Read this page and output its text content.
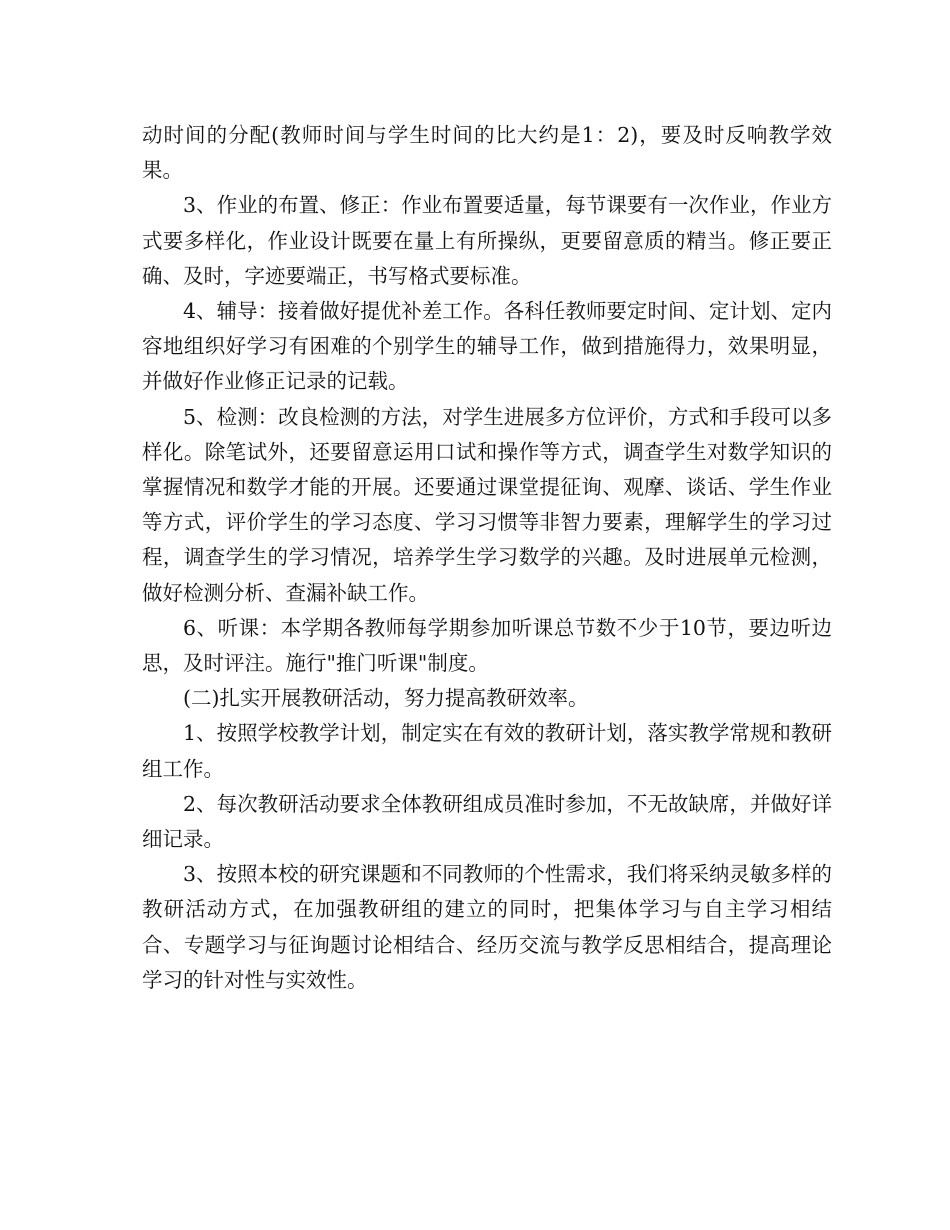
动时间的分配(教师时间与学生时间的比大约是1：2)，要及时反响教学效果。

3、作业的布置、修正：作业布置要适量，每节课要有一次作业，作业方式要多样化，作业设计既要在量上有所操纵，更要留意质的精当。修正要正确、及时，字迹要端正，书写格式要标准。

4、辅导：接着做好提优补差工作。各科任教师要定时间、定计划、定内容地组织好学习有困难的个别学生的辅导工作，做到措施得力，效果明显，并做好作业修正记录的记载。

5、检测：改良检测的方法，对学生进展多方位评价，方式和手段可以多样化。除笔试外，还要留意运用口试和操作等方式，调查学生对数学知识的掌握情况和数学才能的开展。还要通过课堂提征询、观摩、谈话、学生作业等方式，评价学生的学习态度、学习习惯等非智力要素，理解学生的学习过程，调查学生的学习情况，培养学生学习数学的兴趣。及时进展单元检测，做好检测分析、查漏补缺工作。

6、听课：本学期各教师每学期参加听课总节数不少于10节，要边听边思，及时评注。施行"推门听课"制度。

(二)扎实开展教研活动，努力提高教研效率。

1、按照学校教学计划，制定实在有效的教研计划，落实教学常规和教研组工作。

2、每次教研活动要求全体教研组成员准时参加，不无故缺席，并做好详细记录。

3、按照本校的研究课题和不同教师的个性需求，我们将采纳灵敏多样的教研活动方式，在加强教研组的建立的同时，把集体学习与自主学习相结合、专题学习与征询题讨论相结合、经历交流与教学反思相结合，提高理论学习的针对性与实效性。
